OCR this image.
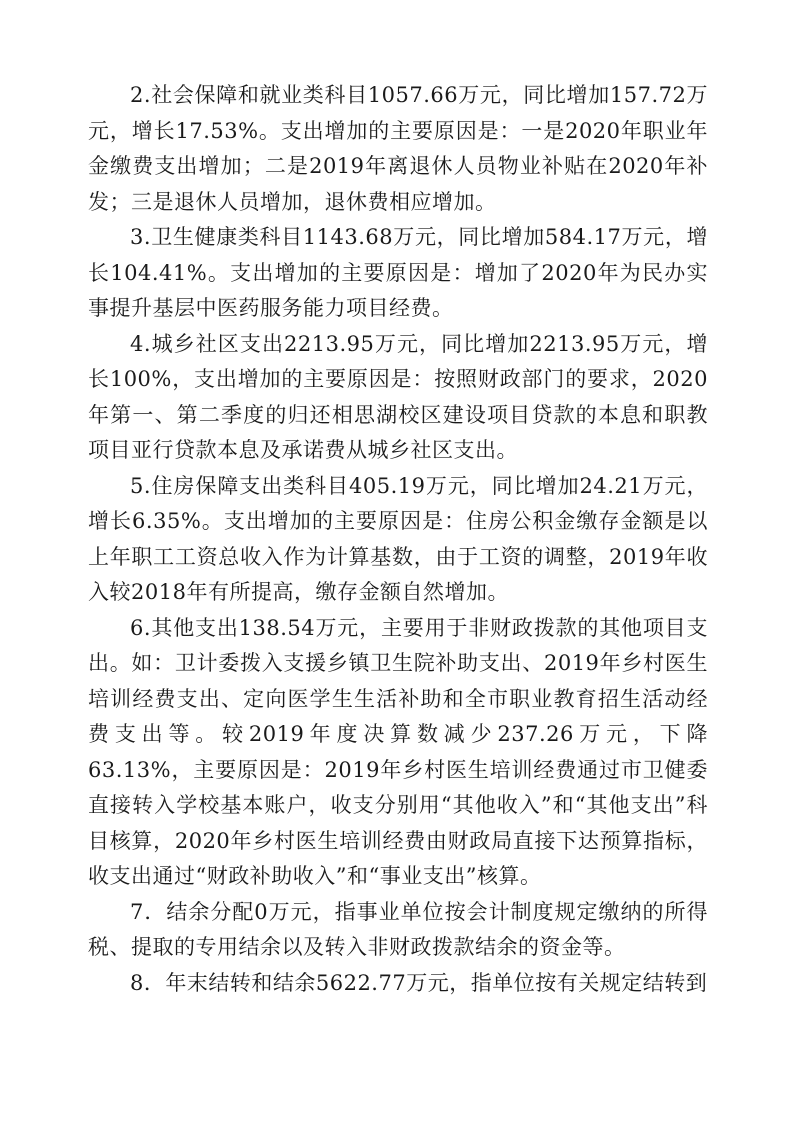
2.社会保障和就业类科目1057.66万元，同比增加157.72万元，增长17.53%。支出增加的主要原因是：一是2020年职业年金缴费支出增加；二是2019年离退休人员物业补贴在2020年补发；三是退休人员增加，退休费相应增加。

3.卫生健康类科目1143.68万元，同比增加584.17万元，增长104.41%。支出增加的主要原因是：增加了2020年为民办实事提升基层中医药服务能力项目经费。

4.城乡社区支出2213.95万元，同比增加2213.95万元，增长100%，支出增加的主要原因是：按照财政部门的要求，2020年第一、第二季度的归还相思湖校区建设项目贷款的本息和职教项目亚行贷款本息及承诺费从城乡社区支出。

5.住房保障支出类科目405.19万元，同比增加24.21万元，增长6.35%。支出增加的主要原因是：住房公积金缴存金额是以上年职工工资总收入作为计算基数，由于工资的调整，2019年收入较2018年有所提高，缴存金额自然增加。

6.其他支出138.54万元，主要用于非财政拨款的其他项目支出。如：卫计委拨入支援乡镇卫生院补助支出、2019年乡村医生培训经费支出、定向医学生生活补助和全市职业教育招生活动经费支出等。较2019年度决算数减少237.26万元，下降63.13%，主要原因是：2019年乡村医生培训经费通过市卫健委直接转入学校基本账户，收支分别用“其他收入”和“其他支出”科目核算，2020年乡村医生培训经费由财政局直接下达预算指标，收支出通过“财政补助收入”和“事业支出”核算。

7．结余分配0万元，指事业单位按会计制度规定缴纳的所得税、提取的专用结余以及转入非财政拨款结余的资金等。

8．年末结转和结余5622.77万元，指单位按有关规定结转到
